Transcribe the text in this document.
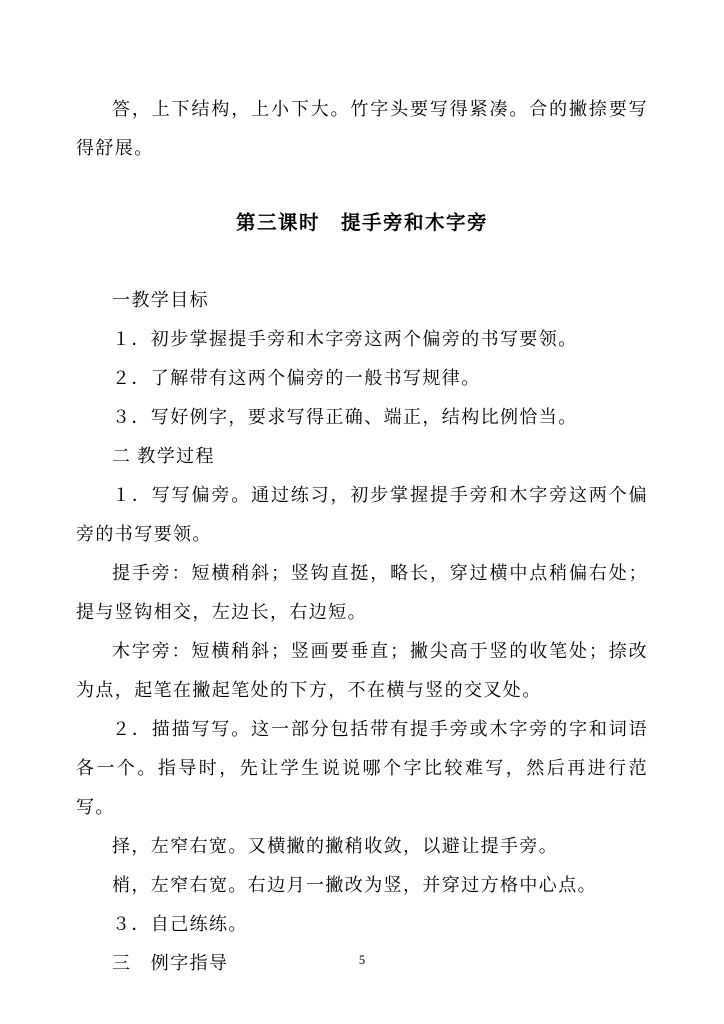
答，上下结构，上小下大。竹字头要写得紧凑。合的撇捺要写得舒展。

第三课时　提手旁和木字旁

一教学目标

１．初步掌握提手旁和木字旁这两个偏旁的书写要领。

２．了解带有这两个偏旁的一般书写规律。

３．写好例字，要求写得正确、端正，结构比例恰当。

二 教学过程

１．写写偏旁。通过练习，初步掌握提手旁和木字旁这两个偏旁的书写要领。

提手旁：短横稍斜；竖钩直挺，略长，穿过横中点稍偏右处；提与竖钩相交，左边长，右边短。

木字旁：短横稍斜；竖画要垂直；撇尖高于竖的收笔处；捺改为点，起笔在撇起笔处的下方，不在横与竖的交叉处。

２．描描写写。这一部分包括带有提手旁或木字旁的字和词语各一个。指导时，先让学生说说哪个字比较难写，然后再进行范写。

择，左窄右宽。又横撇的撇稍收敛，以避让提手旁。

梢，左窄右宽。右边月一撇改为竖，并穿过方格中心点。

３．自己练练。

三　例字指导	5
